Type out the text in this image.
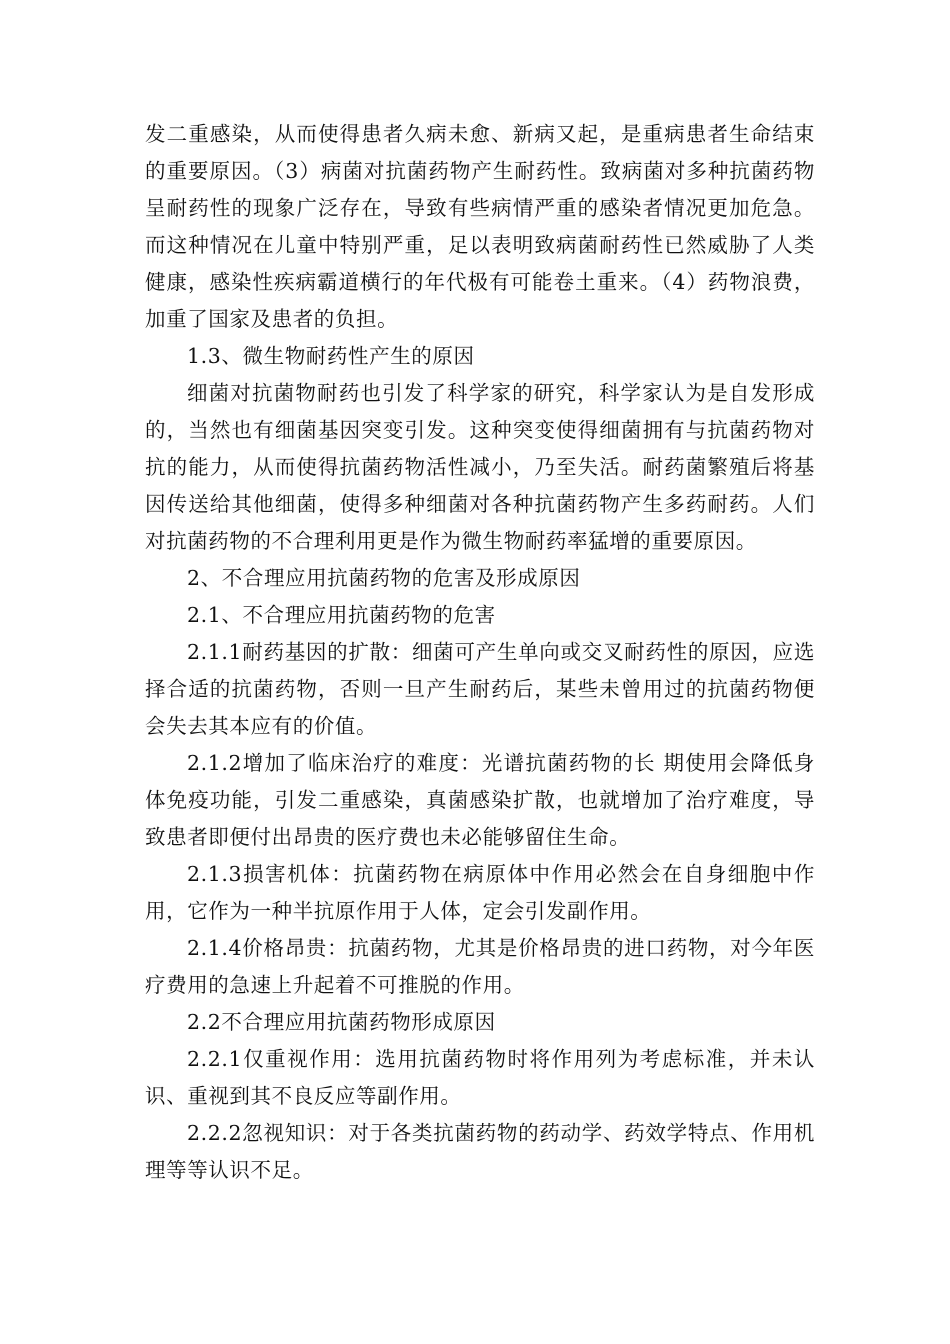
发二重感染，从而使得患者久病未愈、新病又起，是重病患者生命结束的重要原因。（3）病菌对抗菌药物产生耐药性。致病菌对多种抗菌药物呈耐药性的现象广泛存在，导致有些病情严重的感染者情况更加危急。而这种情况在儿童中特别严重，足以表明致病菌耐药性已然威胁了人类健康，感染性疾病霸道横行的年代极有可能卷土重来。（4）药物浪费，加重了国家及患者的负担。

1.3、微生物耐药性产生的原因

细菌对抗菌物耐药也引发了科学家的研究，科学家认为是自发形成的，当然也有细菌基因突变引发。这种突变使得细菌拥有与抗菌药物对抗的能力，从而使得抗菌药物活性减小，乃至失活。耐药菌繁殖后将基因传送给其他细菌，使得多种细菌对各种抗菌药物产生多药耐药。人们对抗菌药物的不合理利用更是作为微生物耐药率猛增的重要原因。

2、不合理应用抗菌药物的危害及形成原因

2.1、不合理应用抗菌药物的危害

2.1.1耐药基因的扩散：细菌可产生单向或交叉耐药性的原因，应选择合适的抗菌药物，否则一旦产生耐药后，某些未曾用过的抗菌药物便会失去其本应有的价值。

2.1.2增加了临床治疗的难度：光谱抗菌药物的长 期使用会降低身体免疫功能，引发二重感染，真菌感染扩散，也就增加了治疗难度，导致患者即便付出昂贵的医疗费也未必能够留住生命。

2.1.3损害机体：抗菌药物在病原体中作用必然会在自身细胞中作用，它作为一种半抗原作用于人体，定会引发副作用。

2.1.4价格昂贵：抗菌药物，尤其是价格昂贵的进口药物，对今年医疗费用的急速上升起着不可推脱的作用。

2.2不合理应用抗菌药物形成原因

2.2.1仅重视作用：选用抗菌药物时将作用列为考虑标准，并未认识、重视到其不良反应等副作用。

2.2.2忽视知识：对于各类抗菌药物的药动学、药效学特点、作用机理等等认识不足。
